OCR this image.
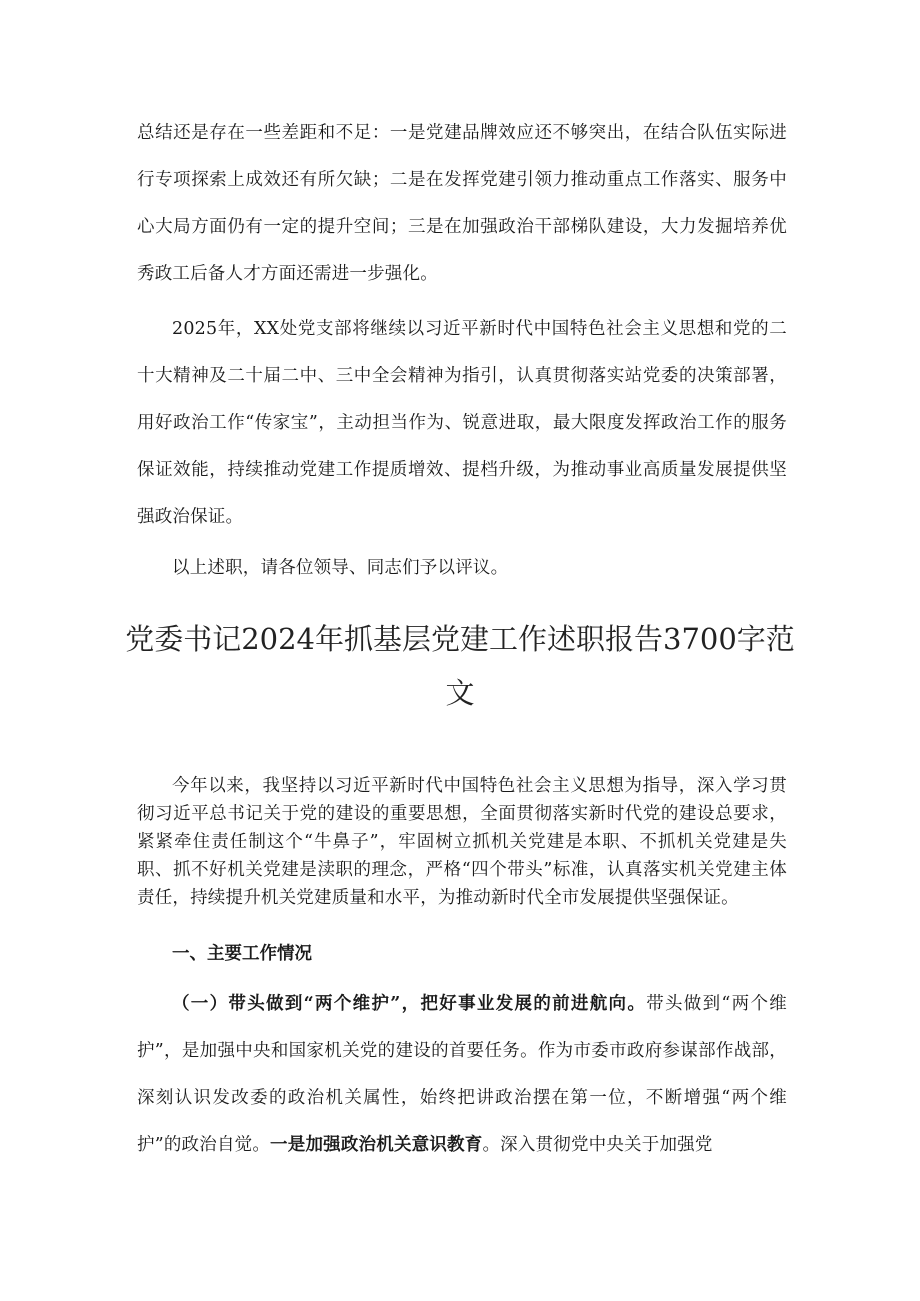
总结还是存在一些差距和不足：一是党建品牌效应还不够突出，在结合队伍实际进行专项探索上成效还有所欠缺；二是在发挥党建引领力推动重点工作落实、服务中心大局方面仍有一定的提升空间；三是在加强政治干部梯队建设，大力发掘培养优秀政工后备人才方面还需进一步强化。

2025年，XX处党支部将继续以习近平新时代中国特色社会主义思想和党的二十大精神及二十届二中、三中全会精神为指引，认真贯彻落实站党委的决策部署，用好政治工作“传家宝”，主动担当作为、锐意进取，最大限度发挥政治工作的服务保证效能，持续推动党建工作提质增效、提档升级，为推动事业高质量发展提供坚强政治保证。

以上述职，请各位领导、同志们予以评议。

党委书记2024年抓基层党建工作述职报告3700字范文

今年以来，我坚持以习近平新时代中国特色社会主义思想为指导，深入学习贯彻习近平总书记关于党的建设的重要思想，全面贯彻落实新时代党的建设总要求，紧紧牵住责任制这个“牛鼻子”，牢固树立抓机关党建是本职、不抓机关党建是失职、抓不好机关党建是渎职的理念，严格“四个带头”标准，认真落实机关党建主体责任，持续提升机关党建质量和水平，为推动新时代全市发展提供坚强保证。

一、主要工作情况

（一）带头做到“两个维护”，把好事业发展的前进航向。带头做到“两个维护”，是加强中央和国家机关党的建设的首要任务。作为市委市政府参谋部作战部，深刻认识发改委的政治机关属性，始终把讲政治摆在第一位，不断增强“两个维护”的政治自觉。一是加强政治机关意识教育。深入贯彻党中央关于加强党
